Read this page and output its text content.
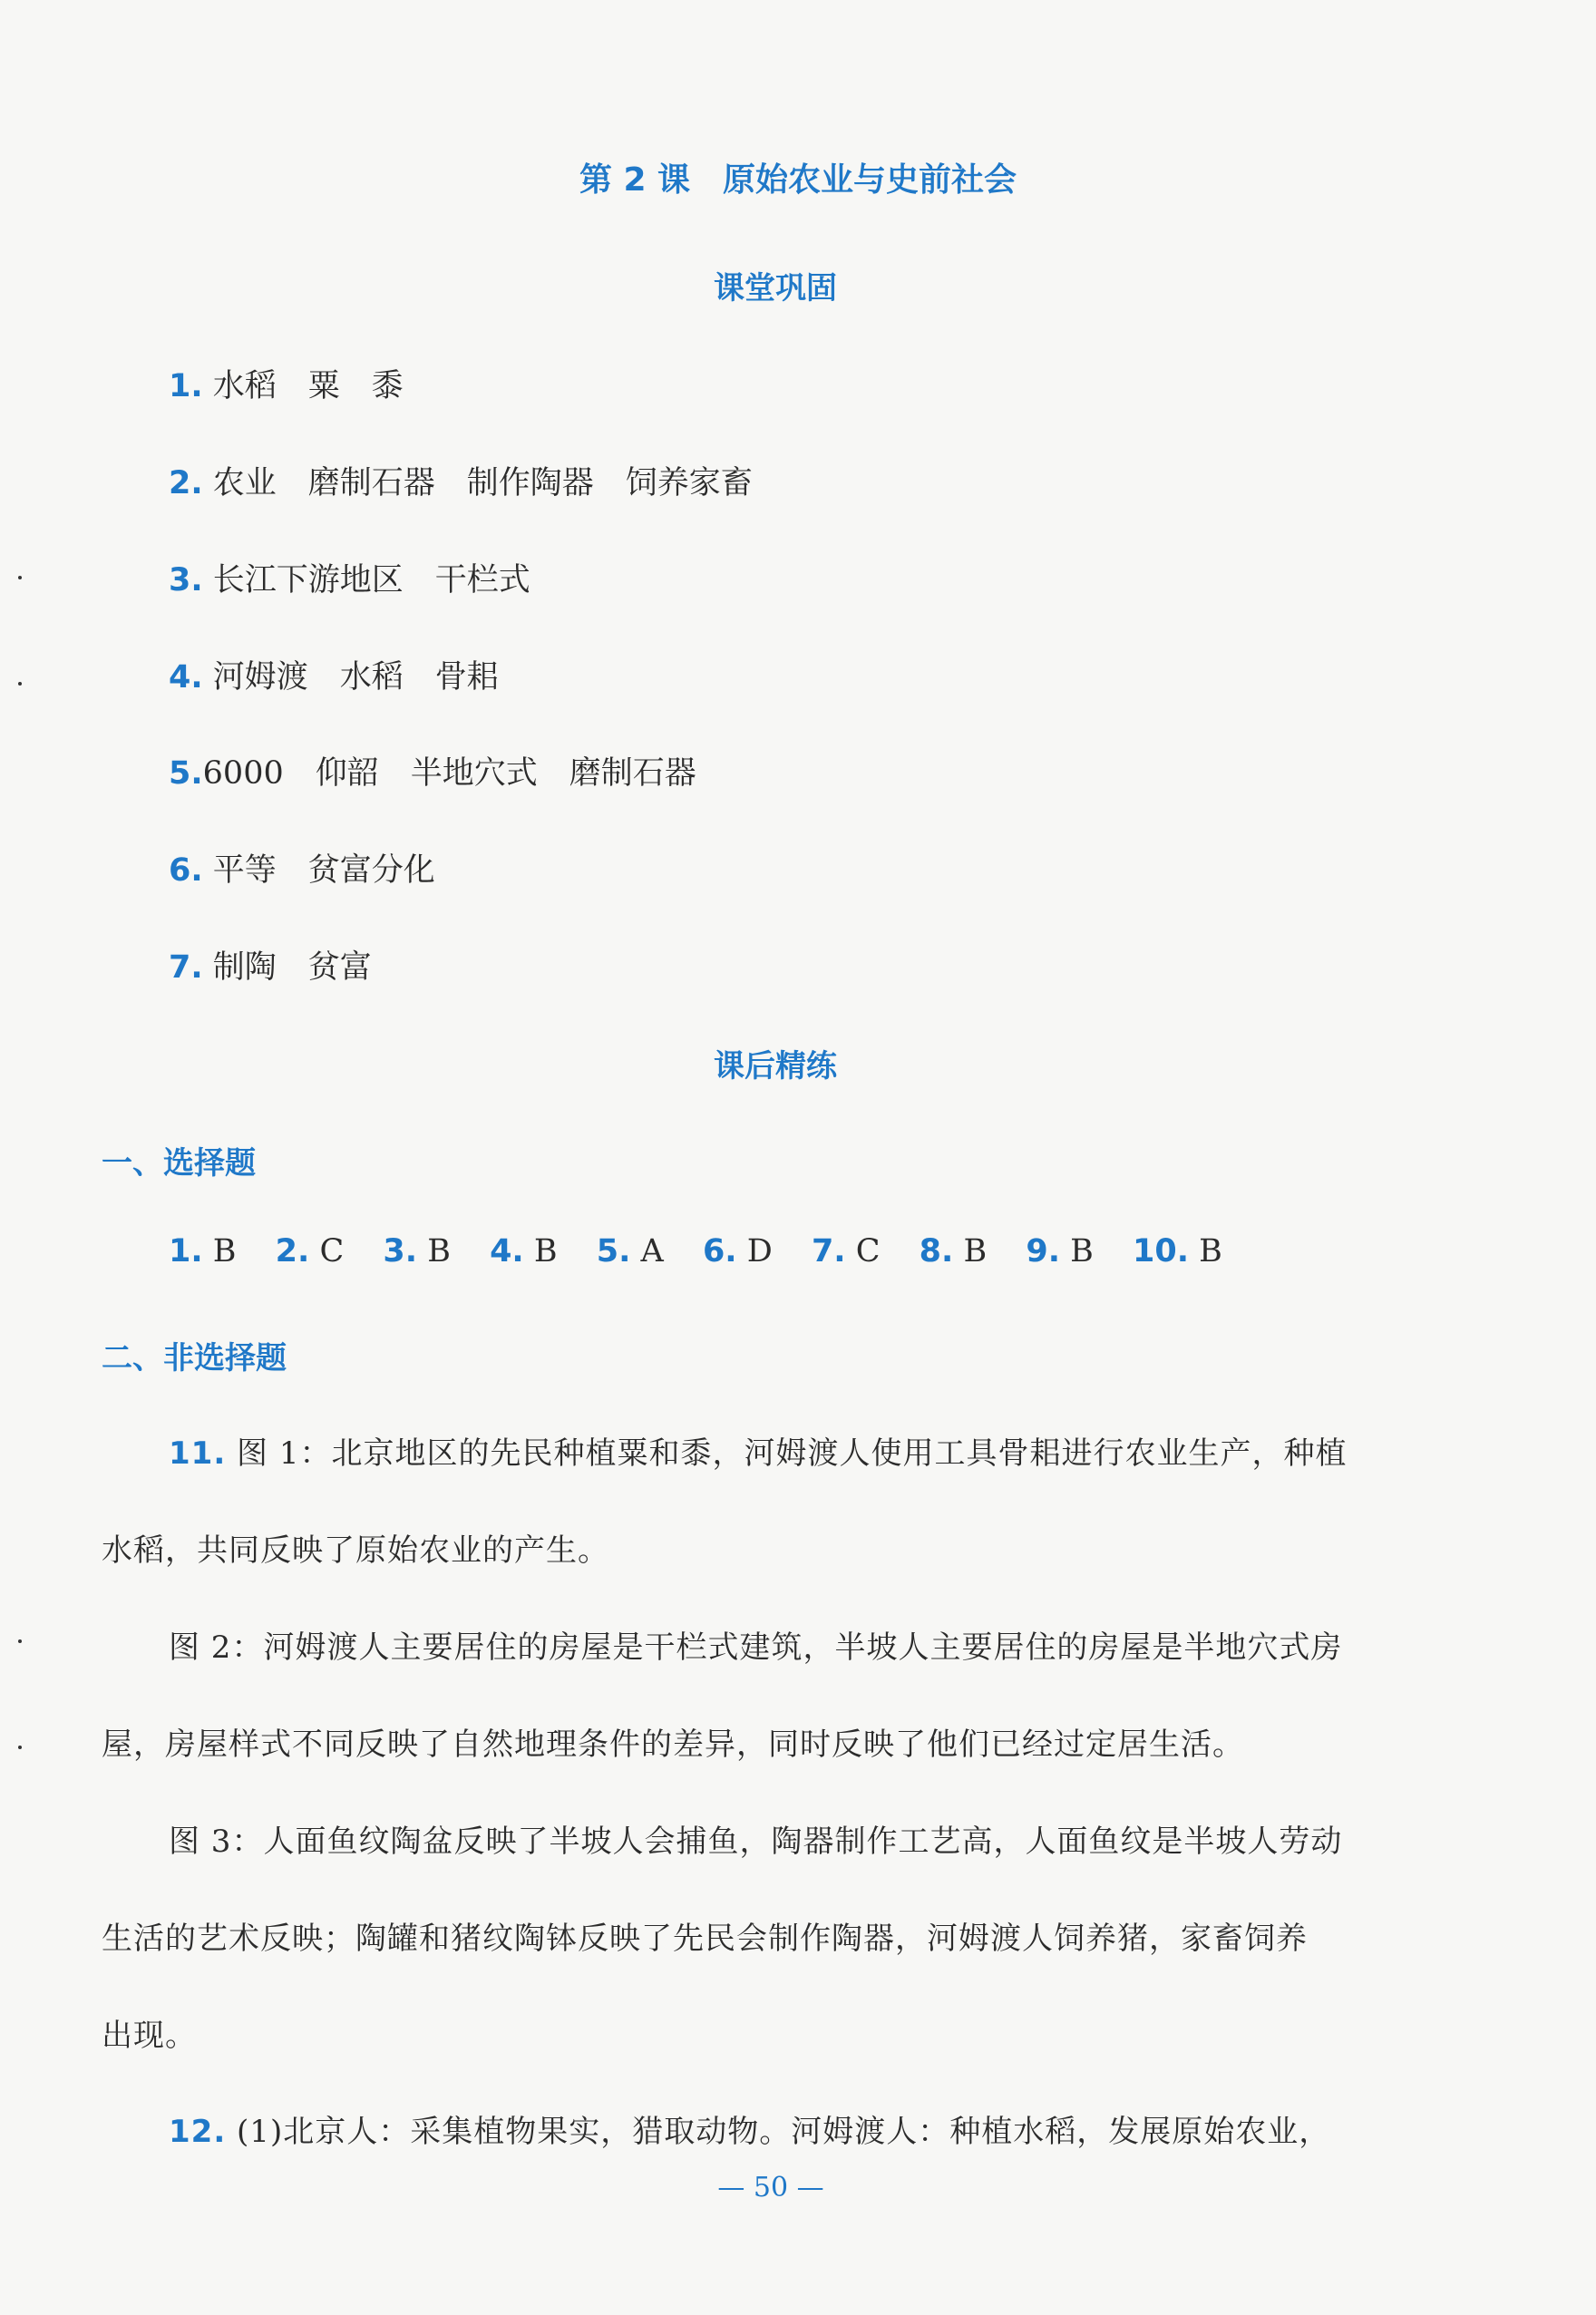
第 2 课　原始农业与史前社会
课堂巩固
1. 水稻　粟　黍
2. 农业　磨制石器　制作陶器　饲养家畜
3. 长江下游地区　干栏式
4. 河姆渡　水稻　骨耜
5.6000　仰韶　半地穴式　磨制石器
6. 平等　贫富分化
7. 制陶　贫富
课后精练
一、选择题
1. B 2. C 3. B 4. B 5. A 6. D 7. C 8. B 9. B 10. B
二、非选择题
11. 图 1：北京地区的先民种植粟和黍，河姆渡人使用工具骨耜进行农业生产，种植
水稻，共同反映了原始农业的产生。
图 2：河姆渡人主要居住的房屋是干栏式建筑，半坡人主要居住的房屋是半地穴式房
屋，房屋样式不同反映了自然地理条件的差异，同时反映了他们已经过定居生活。
图 3：人面鱼纹陶盆反映了半坡人会捕鱼，陶器制作工艺高，人面鱼纹是半坡人劳动
生活的艺术反映；陶罐和猪纹陶钵反映了先民会制作陶器，河姆渡人饲养猪，家畜饲养
出现。
12. (1)北京人：采集植物果实，猎取动物。河姆渡人：种植水稻，发展原始农业，
— 50 —
